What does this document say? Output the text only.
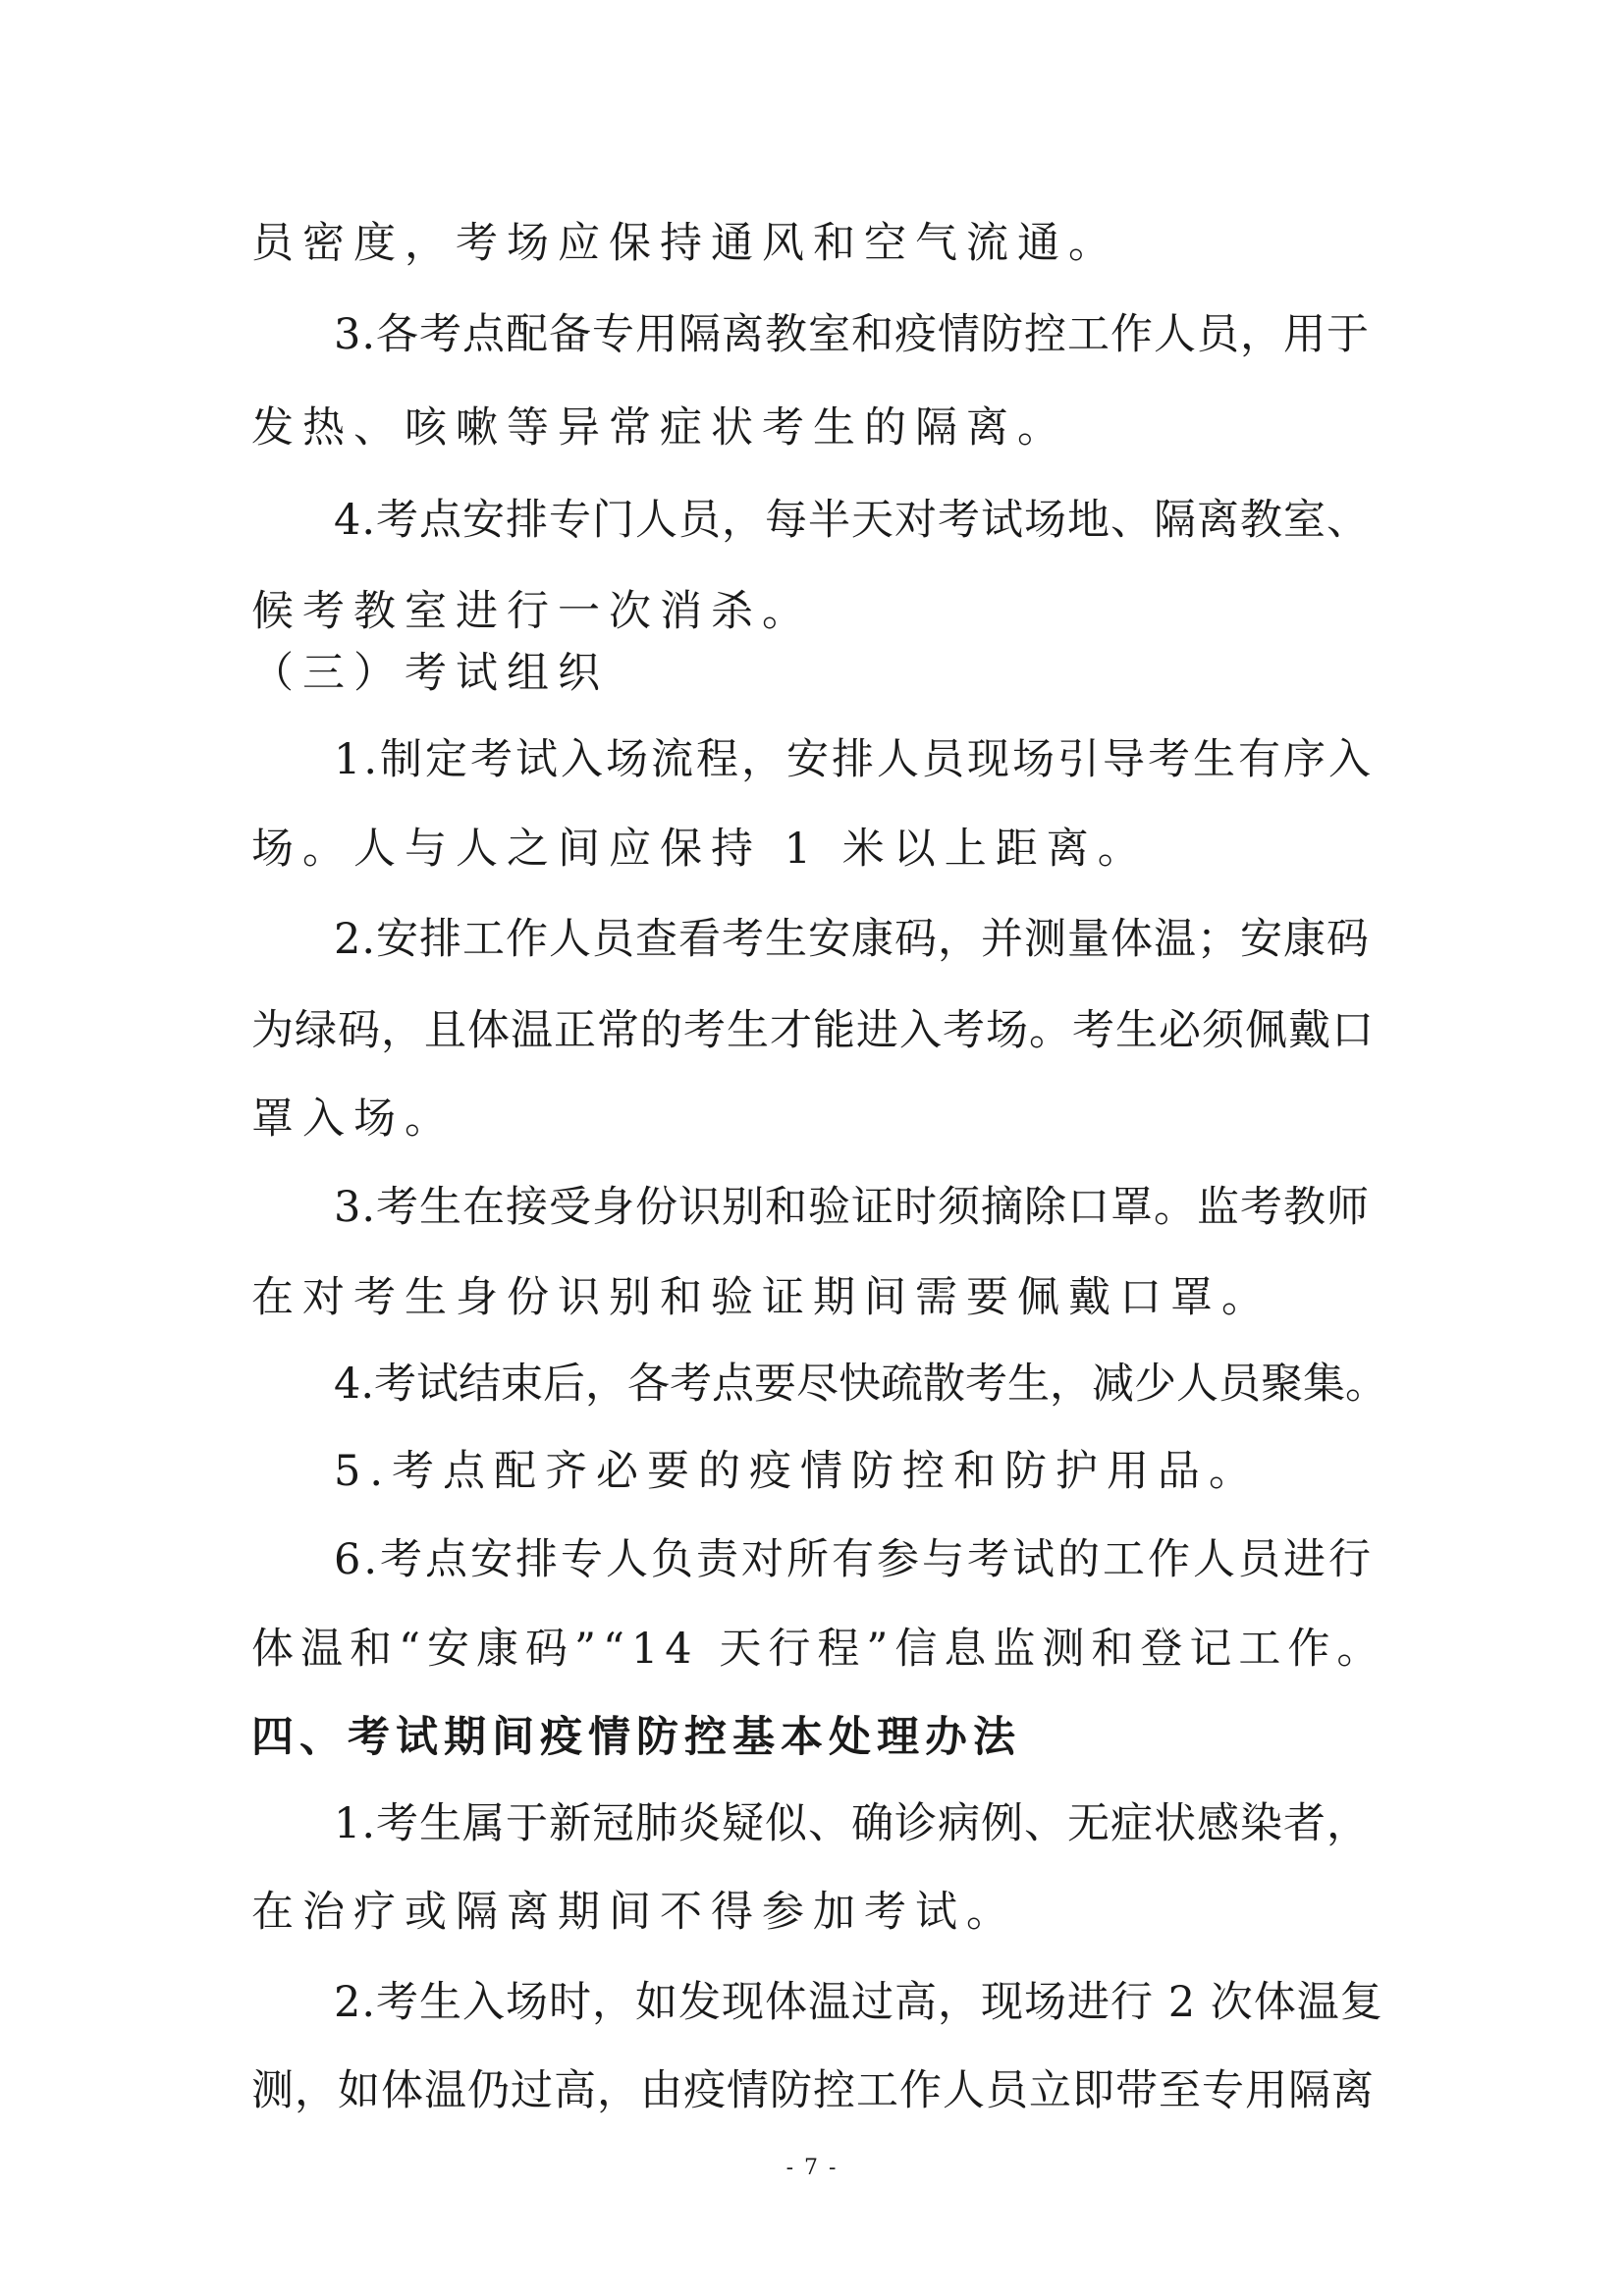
员密度，考场应保持通风和空气流通。
3.各考点配备专用隔离教室和疫情防控工作人员，用于
发热、咳嗽等异常症状考生的隔离。
4.考点安排专门人员，每半天对考试场地、隔离教室、
候考教室进行一次消杀。
（三）考试组织
1.制定考试入场流程，安排人员现场引导考生有序入
场。人与人之间应保持 1 米以上距离。
2.安排工作人员查看考生安康码，并测量体温；安康码
为绿码，且体温正常的考生才能进入考场。考生必须佩戴口
罩入场。
3.考生在接受身份识别和验证时须摘除口罩。监考教师
在对考生身份识别和验证期间需要佩戴口罩。
4.考试结束后，各考点要尽快疏散考生，减少人员聚集。
5.考点配齐必要的疫情防控和防护用品。
6.考点安排专人负责对所有参与考试的工作人员进行
体温和“安康码”“14 天行程”信息监测和登记工作。
四、考试期间疫情防控基本处理办法
1.考生属于新冠肺炎疑似、确诊病例、无症状感染者，
在治疗或隔离期间不得参加考试。
2.考生入场时，如发现体温过高，现场进行 2 次体温复
测，如体温仍过高，由疫情防控工作人员立即带至专用隔离
- 7 -
